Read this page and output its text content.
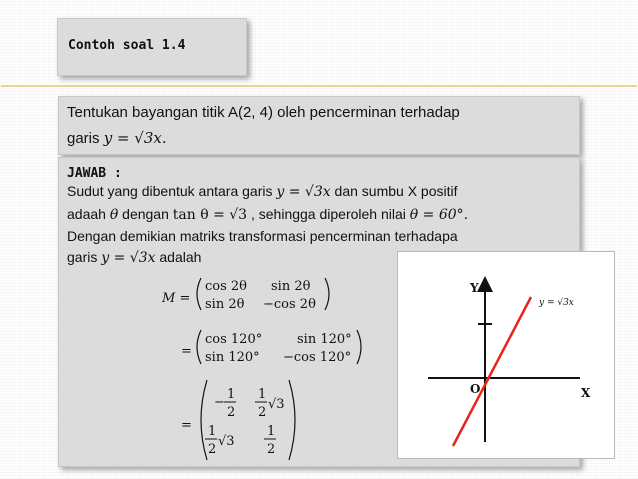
Contoh soal 1.4
Tentukan bayangan titik A(2, 4) oleh pencerminan terhadap
garis y = √3x.
JAWAB :
Sudut yang dibentuk antara garis y = √3x dan sumbu X positif
adaah θ dengan tan θ = √3 , sehingga diperoleh nilai θ = 60°.
Dengan demikian matriks transformasi pencerminan terhadapa
garis y = √3x adalah
M =
cos 2θ sin 2θ
sin 2θ −cos 2θ
=
cos 120°	sin 120°
sin 120° −cos 120°
=
−
1
2
1
2
√3
1
2
√3
1
2
Y
X
O
y = √3x
